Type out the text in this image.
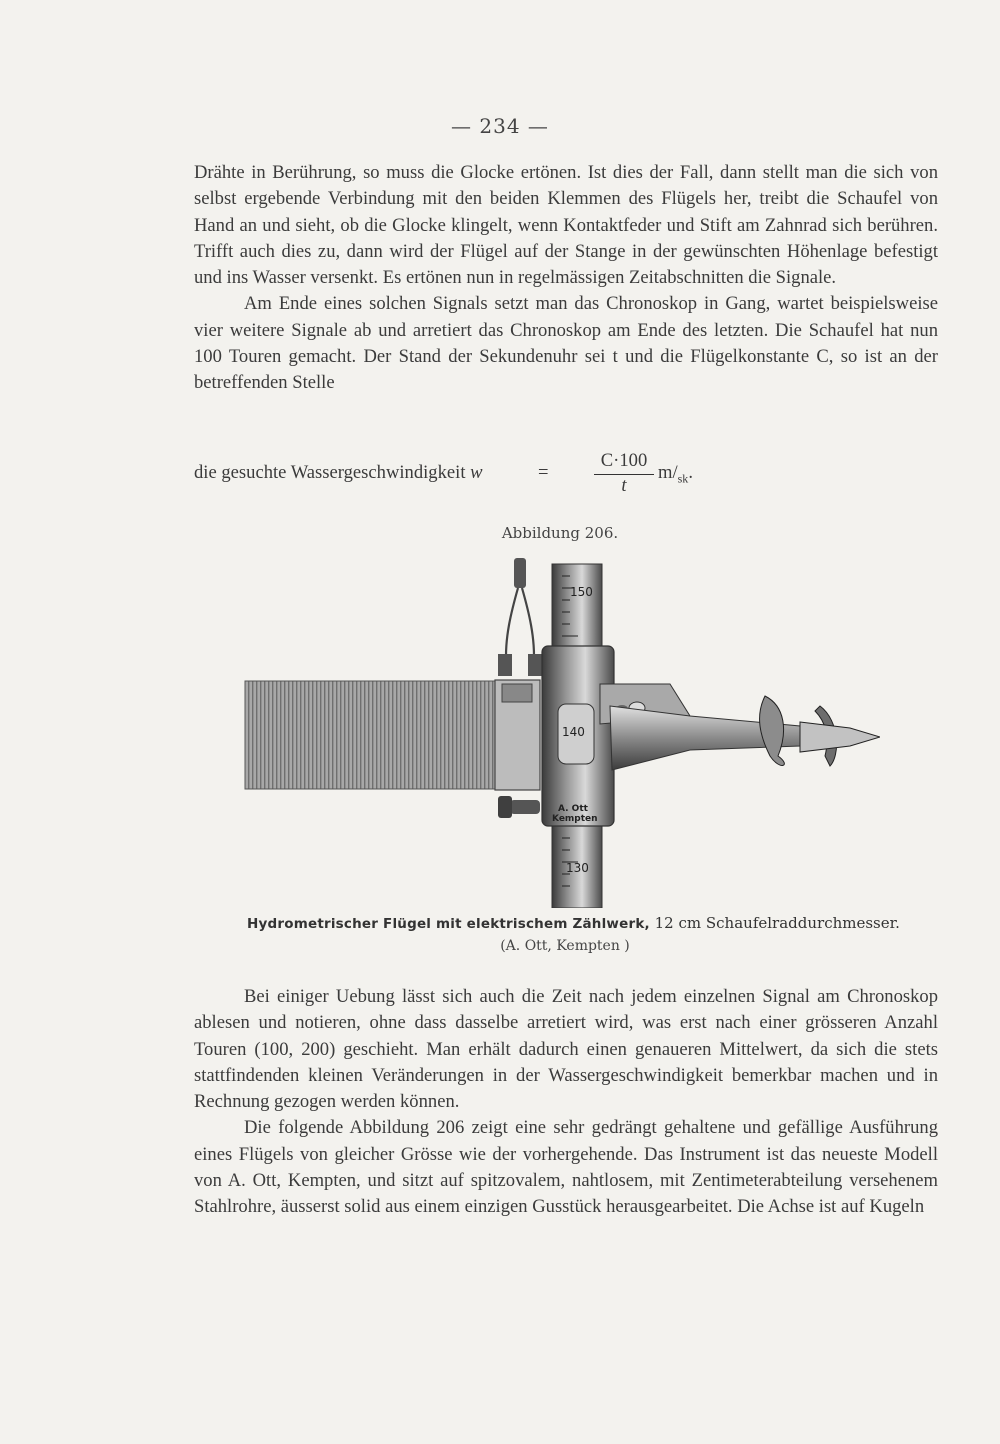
— 234 —

Drähte in Berührung, so muss die Glocke ertönen. Ist dies der Fall, dann stellt man die sich von selbst ergebende Verbindung mit den beiden Klemmen des Flügels her, treibt die Schaufel von Hand an und sieht, ob die Glocke klingelt, wenn Kontaktfeder und Stift am Zahnrad sich berühren. Trifft auch dies zu, dann wird der Flügel auf der Stange in der gewünschten Höhenlage befestigt und ins Wasser versenkt. Es ertönen nun in regelmässigen Zeitabschnitten die Signale.

Am Ende eines solchen Signals setzt man das Chronoskop in Gang, wartet beispielsweise vier weitere Signale ab und arretiert das Chronoskop am Ende des letzten. Die Schaufel hat nun 100 Touren gemacht. Der Stand der Sekundenuhr sei t und die Flügelkonstante C, so ist an der betreffenden Stelle

die gesuchte Wassergeschwindigkeit w	=
C·100
t
$m/_{sk}$.
Abbildung 206.
150
130
140
A. Ott
Kempten
Hydrometrischer Flügel mit elektrischem Zählwerk, 12 cm Schaufelraddurchmesser.
(A. Ott, Kempten )

Bei einiger Uebung lässt sich auch die Zeit nach jedem einzelnen Signal am Chronoskop ablesen und notieren, ohne dass dasselbe arretiert wird, was erst nach einer grösseren Anzahl Touren (100, 200) geschieht. Man erhält dadurch einen genaueren Mittelwert, da sich die stets stattfindenden kleinen Veränderungen in der Wassergeschwindigkeit bemerkbar machen und in Rechnung gezogen werden können.

Die folgende Abbildung 206 zeigt eine sehr gedrängt gehaltene und gefällige Ausführung eines Flügels von gleicher Grösse wie der vorhergehende. Das Instrument ist das neueste Modell von A. Ott, Kempten, und sitzt auf spitzovalem, nahtlosem, mit Zentimeterabteilung versehenem Stahlrohre, äusserst solid aus einem einzigen Gusstück herausgearbeitet. Die Achse ist auf Kugeln
